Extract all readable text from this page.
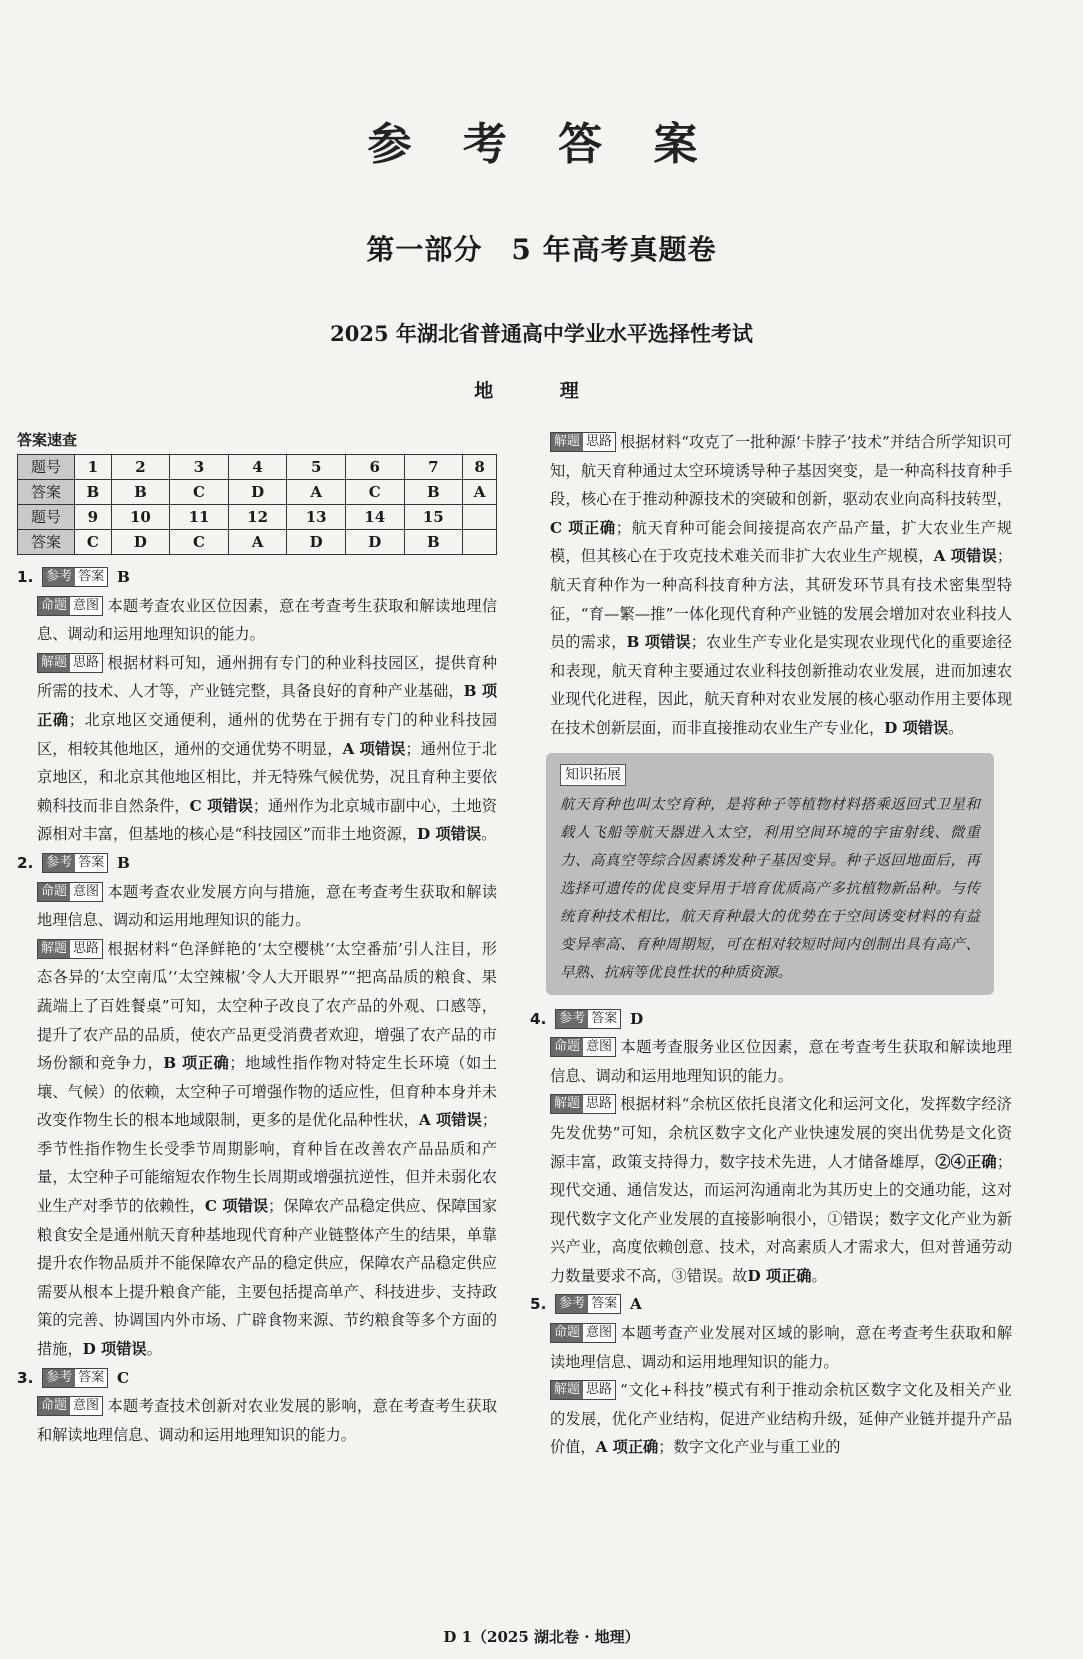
参 考 答 案
第一部分　5 年高考真题卷
2025 年湖北省普通高中学业水平选择性考试
地 理
答案速查
题号	1	2	3	4	5	6	7	8
答案	B	B	C	D	A	C	B	A
题号	9	10	11	12	13	14	15	
答案	C	D	C	A	D	D	B	

1. 参考 答案 B

命题 意图 本题考查农业区位因素，意在考查考生获取和解读地理信息、调动和运用地理知识的能力。

解题 思路 根据材料可知，通州拥有专门的种业科技园区，提供育种所需的技术、人才等，产业链完整，具备良好的育种产业基础，B 项正确；北京地区交通便利，通州的优势在于拥有专门的种业科技园区，相较其他地区，通州的交通优势不明显，A 项错误；通州位于北京地区，和北京其他地区相比，并无特殊气候优势，况且育种主要依赖科技而非自然条件，C 项错误；通州作为北京城市副中心，土地资源相对丰富，但基地的核心是“科技园区”而非土地资源，D 项错误。

2. 参考 答案 B

命题 意图 本题考查农业发展方向与措施，意在考查考生获取和解读地理信息、调动和运用地理知识的能力。

解题 思路 根据材料“色泽鲜艳的‘太空樱桃’‘太空番茄’引人注目，形态各异的‘太空南瓜’‘太空辣椒’令人大开眼界”“把高品质的粮食、果蔬端上了百姓餐桌”可知，太空种子改良了农产品的外观、口感等，提升了农产品的品质，使农产品更受消费者欢迎，增强了农产品的市场份额和竞争力，B 项正确；地域性指作物对特定生长环境（如土壤、气候）的依赖，太空种子可增强作物的适应性，但育种本身并未改变作物生长的根本地域限制，更多的是优化品种性状，A 项错误；季节性指作物生长受季节周期影响，育种旨在改善农产品品质和产量，太空种子可能缩短农作物生长周期或增强抗逆性，但并未弱化农业生产对季节的依赖性，C 项错误；保障农产品稳定供应、保障国家粮食安全是通州航天育种基地现代育种产业链整体产生的结果，单靠提升农作物品质并不能保障农产品的稳定供应，保障农产品稳定供应需要从根本上提升粮食产能，主要包括提高单产、科技进步、支持政策的完善、协调国内外市场、广辟食物来源、节约粮食等多个方面的措施，D 项错误。

3. 参考 答案 C

命题 意图 本题考查技术创新对农业发展的影响，意在考查考生获取和解读地理信息、调动和运用地理知识的能力。

解题 思路 根据材料“攻克了一批种源‘卡脖子’技术”并结合所学知识可知，航天育种通过太空环境诱导种子基因突变，是一种高科技育种手段，核心在于推动种源技术的突破和创新，驱动农业向高科技转型，C 项正确；航天育种可能会间接提高农产品产量，扩大农业生产规模，但其核心在于攻克技术难关而非扩大农业生产规模，A 项错误；航天育种作为一种高科技育种方法，其研发环节具有技术密集型特征，“育—繁—推”一体化现代育种产业链的发展会增加对农业科技人员的需求，B 项错误；农业生产专业化是实现农业现代化的重要途径和表现，航天育种主要通过农业科技创新推动农业发展，进而加速农业现代化进程，因此，航天育种对农业发展的核心驱动作用主要体现在技术创新层面，而非直接推动农业生产专业化，D 项错误。

知识拓展

航天育种也叫太空育种，是将种子等植物材料搭乘返回式卫星和载人飞船等航天器进入太空，利用空间环境的宇宙射线、微重力、高真空等综合因素诱发种子基因变异。种子返回地面后，再选择可遗传的优良变异用于培育优质高产多抗植物新品种。与传统育种技术相比，航天育种最大的优势在于空间诱变材料的有益变异率高、育种周期短，可在相对较短时间内创制出具有高产、早熟、抗病等优良性状的种质资源。

4. 参考 答案 D

命题 意图 本题考查服务业区位因素，意在考查考生获取和解读地理信息、调动和运用地理知识的能力。

解题 思路 根据材料“余杭区依托良渚文化和运河文化，发挥数字经济先发优势”可知，余杭区数字文化产业快速发展的突出优势是文化资源丰富，政策支持得力，数字技术先进，人才储备雄厚，②④正确；现代交通、通信发达，而运河沟通南北为其历史上的交通功能，这对现代数字文化产业发展的直接影响很小，①错误；数字文化产业为新兴产业，高度依赖创意、技术，对高素质人才需求大，但对普通劳动力数量要求不高，③错误。故D 项正确。

5. 参考 答案 A

命题 意图 本题考查产业发展对区域的影响，意在考查考生获取和解读地理信息、调动和运用地理知识的能力。

解题 思路 “文化+科技”模式有利于推动余杭区数字文化及相关产业的发展，优化产业结构，促进产业结构升级，延伸产业链并提升产品价值，A 项正确；数字文化产业与重工业的

D 1（2025 湖北卷 · 地理）
